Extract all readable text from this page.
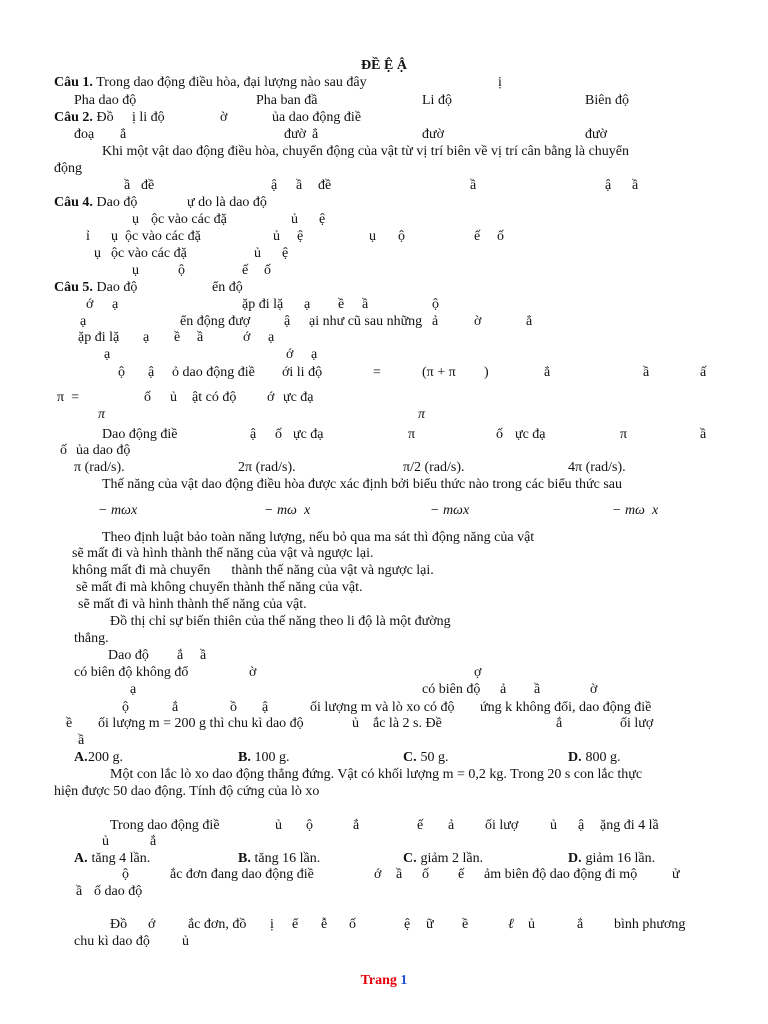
ĐỀ Ệ Ậ
Câu 1. Trong dao động điều hòa, đại lượng nào sau đây	ị
Pha dao độ	Pha ban đầ	Li độ	Biên độ
Câu 2. Đồ ị li độ	ờ	ủa dao động điề
đoạ ẳ	đườ ẳ	đườ	đườ
Khi một vật dao động điều hòa, chuyển động của vật từ vị trí biên về vị trí cân bằng là chuyển
động
ầ đề	ậ ầ đề	ầ	ậ ầ
Câu 4. Dao độ	ự do là dao độ
ụ ộc vào các đặ	ủ ệ
ỉ ụ ộc vào các đặ	ủ ệ	ụ ộ	ế ố
ụ ộc vào các đặ	ủ ệ
ụ	ộ	ế ố
Câu 5. Dao độ	ển độ
ớ ạ	ặp đi lặ ạ ề ầ	ộ
ạ	ển động đượ ậ ại như cũ sau những ả	ờ	ẳ
ặp đi lặ ạ ề ầ	ớ ạ
ạ	ớ ạ
ộ ậ ỏ dao động điề ới li độ	=	(π + π )	ẳ	ầ	ấ
π  =	ố ủ ật có độ ớ ực đạ
π	π
Dao động điề	ậ ố ực đạ	π	ố ực đạ	π	ầ
ố ủa dao độ
π (rad/s).	2π (rad/s).	π/2 (rad/s).	4π (rad/s).
Thế năng của vật dao động điều hòa được xác định bởi biểu thức nào trong các biểu thức sau
− mωx	− mω  x	− mωx	− mω  x
Theo định luật bảo toàn năng lượng, nếu bỏ qua ma sát thì động năng của vật
sẽ mất đi và hình thành thế năng của vật và ngược lại.
không mất đi mà chuyển      thành thế năng của vật và ngược lại.
sẽ mất đi mà không chuyển thành thế năng của vật.
sẽ mất đi và hình thành thế năng của vật.
Đồ thị chỉ sự biến thiên của thế năng theo li độ là một đường
thẳng.
Dao độ ắ ầ
có biên độ không đổ	ờ	ợ
ạ	có biên độ ả ầ	ờ
ộ	ắ	ồ ậ	ối lượng m và lò xo có độ ứng k không đổi, dao động điề
ề ối lượng m = 200 g thì chu kì dao độ	ủ ắc là 2 s. Đề	ắ	ối lượ
ầ
A. 200 g.	B. 100 g.	C. 50 g.	D. 800 g.
Một con lắc lò xo dao động thẳng đứng. Vật có khối lượng m = 0,2 kg. Trong 20 s con lắc thực
hiện được 50 dao động. Tính độ cứng của lò xo
Trong dao động điề	ủ ộ	ắ	ế ả ối lượ ủ ậ ặng đi 4 lầ
ủ	ắ
A. tăng 4 lần.	B. tăng 16 lần.	C. giảm 2 lần.	D. giảm 16 lần.
ộ	ắc đơn đang dao động điề	ớ ầ ố ế ảm biên độ dao động đi mộ ử
ầ ố dao độ
Đồ ớ ắc đơn, đồ ị ể ễ ố	ệ ữ ề	ℓ ủ	ắ bình phương
chu kì dao độ ủ
Trang 1
